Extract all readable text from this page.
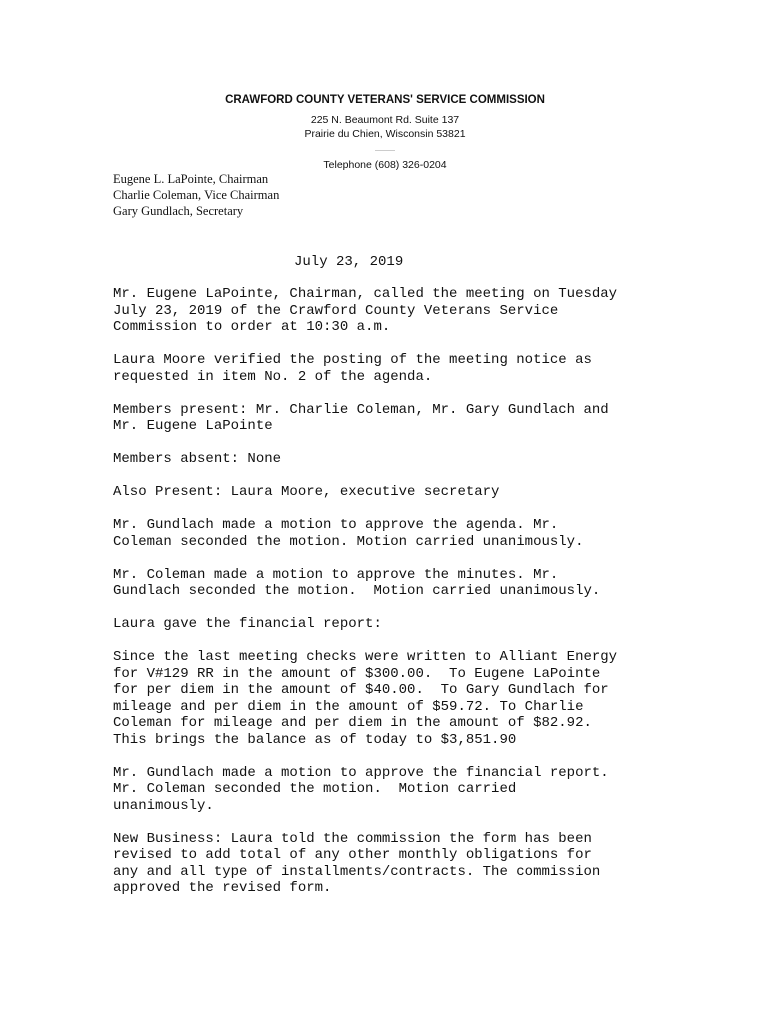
CRAWFORD COUNTY VETERANS' SERVICE COMMISSION
225 N. Beaumont Rd. Suite 137
Prairie du Chien, Wisconsin 53821
Telephone (608) 326-0204
Eugene L. LaPointe, Chairman
Charlie Coleman, Vice Chairman
Gary Gundlach, Secretary
July 23, 2019

Mr. Eugene LaPointe, Chairman, called the meeting on Tuesday
July 23, 2019 of the Crawford County Veterans Service
Commission to order at 10:30 a.m.

Laura Moore verified the posting of the meeting notice as
requested in item No. 2 of the agenda.

Members present: Mr. Charlie Coleman, Mr. Gary Gundlach and
Mr. Eugene LaPointe

Members absent: None

Also Present: Laura Moore, executive secretary

Mr. Gundlach made a motion to approve the agenda. Mr.
Coleman seconded the motion. Motion carried unanimously.

Mr. Coleman made a motion to approve the minutes. Mr.
Gundlach seconded the motion.  Motion carried unanimously.

Laura gave the financial report:

Since the last meeting checks were written to Alliant Energy
for V#129 RR in the amount of $300.00.  To Eugene LaPointe
for per diem in the amount of $40.00.  To Gary Gundlach for
mileage and per diem in the amount of $59.72. To Charlie
Coleman for mileage and per diem in the amount of $82.92.
This brings the balance as of today to $3,851.90

Mr. Gundlach made a motion to approve the financial report.
Mr. Coleman seconded the motion.  Motion carried
unanimously.

New Business: Laura told the commission the form has been
revised to add total of any other monthly obligations for
any and all type of installments/contracts. The commission
approved the revised form.
